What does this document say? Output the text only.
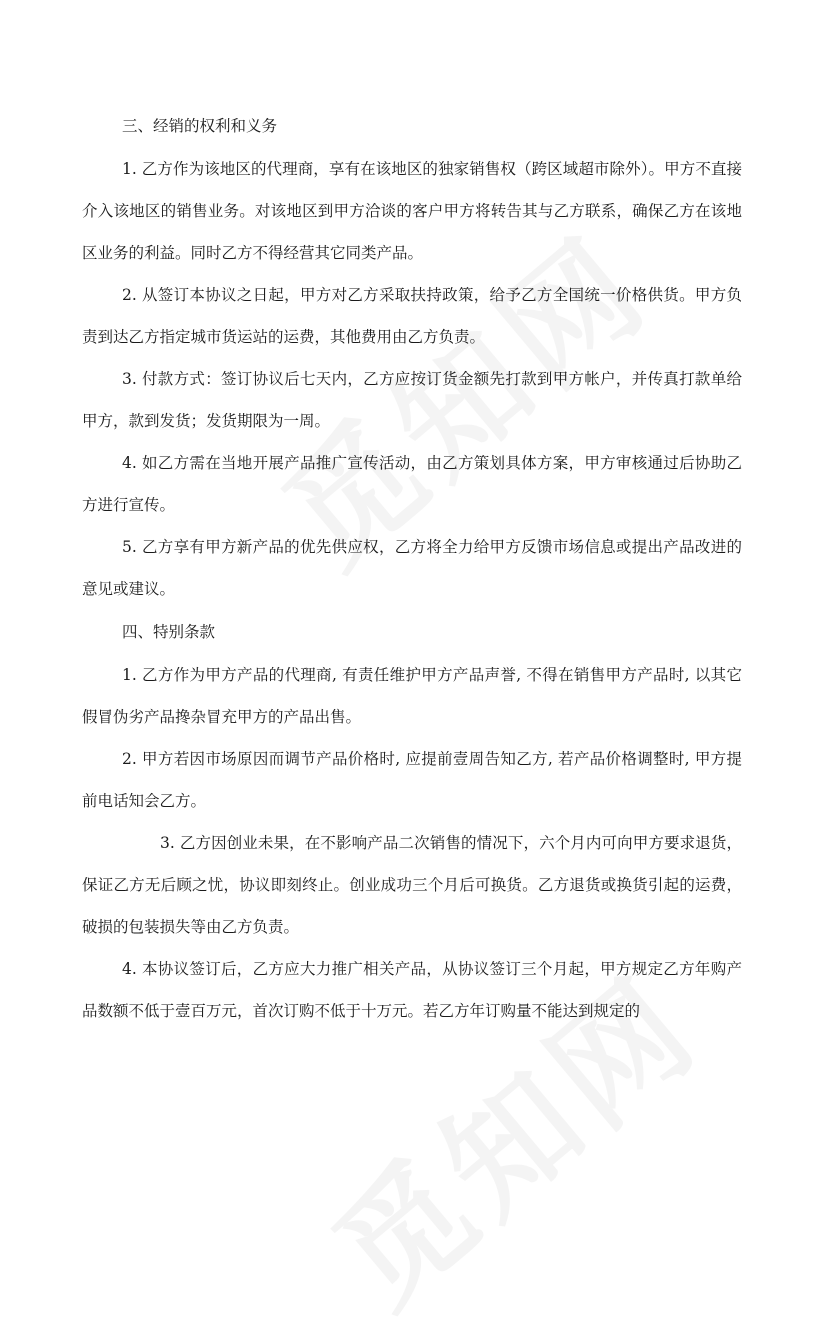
三、经销的权利和义务

1. 乙方作为该地区的代理商，享有在该地区的独家销售权（跨区域超市除外）。甲方不直接介入该地区的销售业务。对该地区到甲方洽谈的客户甲方将转告其与乙方联系，确保乙方在该地区业务的利益。同时乙方不得经营其它同类产品。

2. 从签订本协议之日起，甲方对乙方采取扶持政策，给予乙方全国统一价格供货。甲方负责到达乙方指定城市货运站的运费，其他费用由乙方负责。

3. 付款方式：签订协议后七天内，乙方应按订货金额先打款到甲方帐户，并传真打款单给甲方，款到发货；发货期限为一周。

4. 如乙方需在当地开展产品推广宣传活动，由乙方策划具体方案，甲方审核通过后协助乙方进行宣传。

5. 乙方享有甲方新产品的优先供应权，乙方将全力给甲方反馈市场信息或提出产品改进的意见或建议。

四、特别条款

1. 乙方作为甲方产品的代理商, 有责任维护甲方产品声誉, 不得在销售甲方产品时, 以其它假冒伪劣产品搀杂冒充甲方的产品出售。

2. 甲方若因市场原因而调节产品价格时, 应提前壹周告知乙方, 若产品价格调整时, 甲方提前电话知会乙方。

3. 乙方因创业未果，在不影响产品二次销售的情况下，六个月内可向甲方要求退货，保证乙方无后顾之忧，协议即刻终止。创业成功三个月后可换货。乙方退货或换货引起的运费，破损的包装损失等由乙方负责。

4. 本协议签订后，乙方应大力推广相关产品，从协议签订三个月起，甲方规定乙方年购产品数额不低于壹百万元，首次订购不低于十万元。若乙方年订购量不能达到规定的
